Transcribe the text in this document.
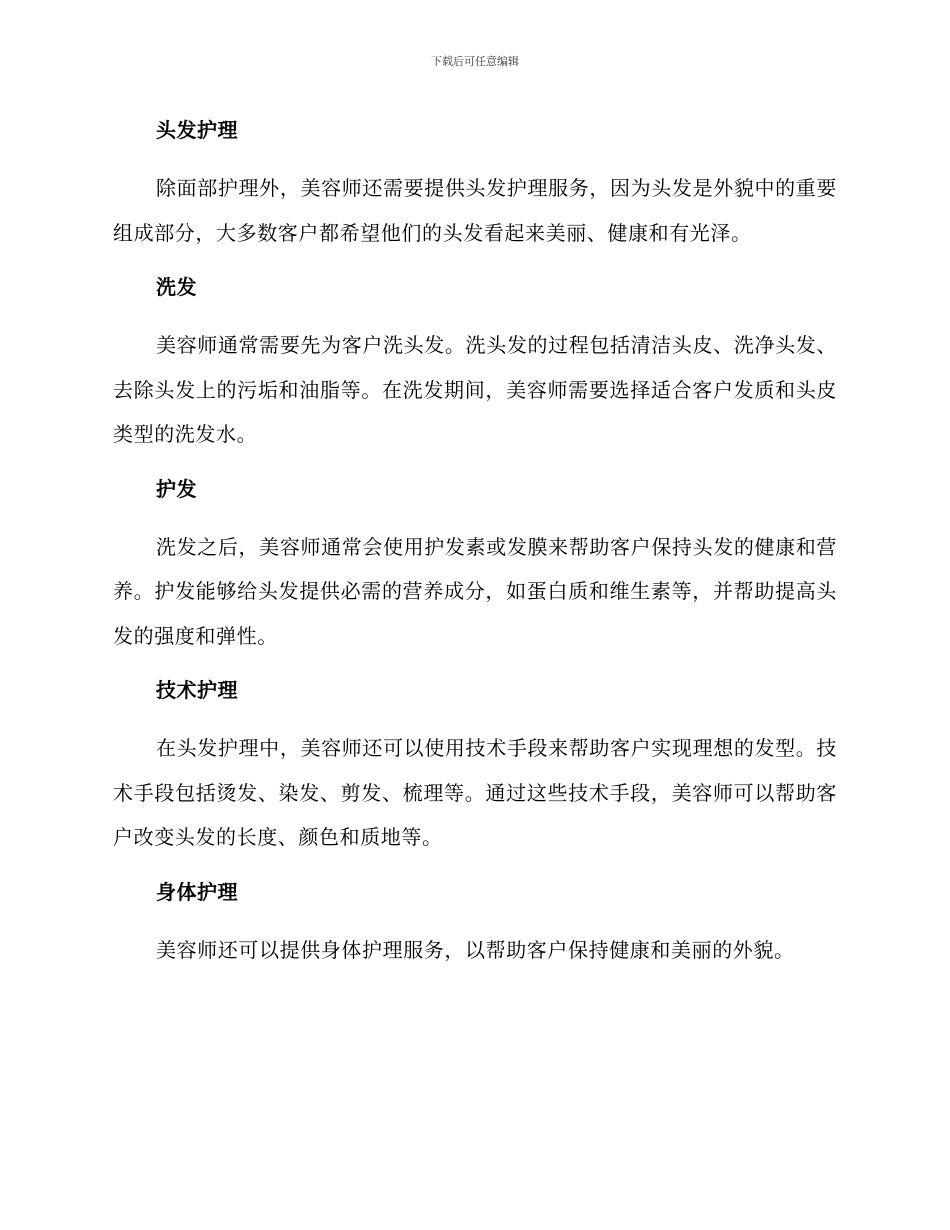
下载后可任意编辑
头发护理

除面部护理外，美容师还需要提供头发护理服务，因为头发是外貌中的重要组成部分，大多数客户都希望他们的头发看起来美丽、健康和有光泽。

洗发

美容师通常需要先为客户洗头发。洗头发的过程包括清洁头皮、洗净头发、去除头发上的污垢和油脂等。在洗发期间，美容师需要选择适合客户发质和头皮类型的洗发水。

护发

洗发之后，美容师通常会使用护发素或发膜来帮助客户保持头发的健康和营养。护发能够给头发提供必需的营养成分，如蛋白质和维生素等，并帮助提高头发的强度和弹性。

技术护理

在头发护理中，美容师还可以使用技术手段来帮助客户实现理想的发型。技术手段包括烫发、染发、剪发、梳理等。通过这些技术手段，美容师可以帮助客户改变头发的长度、颜色和质地等。

身体护理

美容师还可以提供身体护理服务，以帮助客户保持健康和美丽的外貌。
